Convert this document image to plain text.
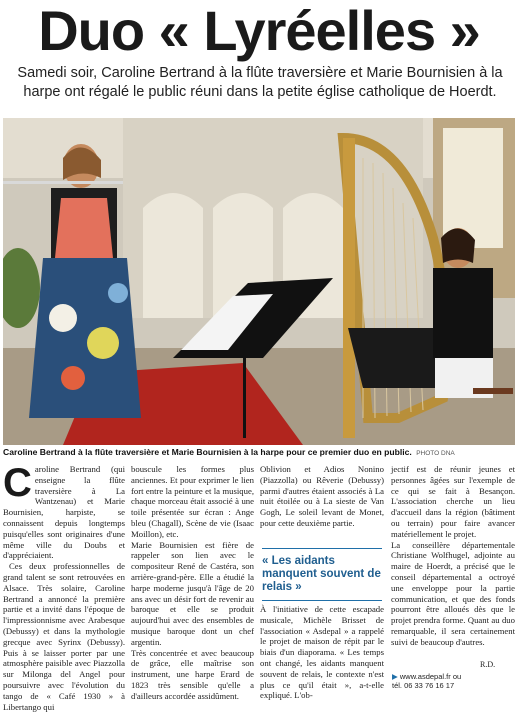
Duo « Lyréelles »
Samedi soir, Caroline Bertrand à la flûte traversière et Marie Bournisien à la harpe ont régalé le public réuni dans la petite église catholique de Hoerdt.
Caroline Bertrand à la flûte traversière et Marie Bournisien à la harpe pour ce premier duo en public. PHOTO DNA
C aroline Bertrand (qui enseigne la flûte traversière à La Wantzenau) et Marie Bournisien, harpiste, se connaissent depuis longtemps puisqu'elles sont originaires d'une même ville du Doubs et d'appréciaient.

Ces deux professionnelles de grand talent se sont retrouvées en Alsace. Très solaire, Caroline Bertrand a annoncé la première partie et a invité dans l'époque de l'impressionnisme avec Arabesque (Debussy) et dans la mythologie grecque avec Syrinx (Debussy). Puis à se laisser porter par une atmosphère paisible avec Piazzolla sur Milonga del Angel pour poursuivre avec l'évolution du tango de « Café 1930 » à Libertango qui

bouscule les formes plus anciennes. Et pour exprimer le lien fort entre la peinture et la musique, chaque morceau était associé à une toile présentée sur écran : Ange bleu (Chagall), Scène de vie (Isaac Moillon), etc.

Marie Bournisien est fière de rappeler son lien avec le compositeur René de Castéra, son arrière-grand-père. Elle a étudié la harpe moderne jusqu'à l'âge de 20 ans avec un désir fort de revenir au baroque et elle se produit aujourd'hui avec des ensembles de musique baroque dont un chef argentin.

Très concentrée et avec beaucoup de grâce, elle maîtrise son instrument, une harpe Erard de 1823 très sensible qu'elle a d'ailleurs accordée assidûment.

Oblivion et Adios Nonino (Piazzolla) ou Rêverie (Debussy) parmi d'autres étaient associés à La nuit étoilée ou à La sieste de Van Gogh, Le soleil levant de Monet, pour cette deuxième partie.

« Les aidants manquent souvent de relais »

À l'initiative de cette escapade musicale, Michèle Brisset de l'association « Asdepal » a rappelé le projet de maison de répit par le biais d'un diaporama. « Les temps ont changé, les aidants manquent souvent de relais, le contexte n'est plus ce qu'il était », a-t-elle expliqué. L'ob-

jectif est de réunir jeunes et personnes âgées sur l'exemple de ce qui se fait à Besançon. L'association cherche un lieu d'accueil dans la région (bâtiment ou terrain) pour faire avancer matériellement le projet.

La conseillère départementale Christiane Wolfhugel, adjointe au maire de Hoerdt, a précisé que le conseil départemental a octroyé une enveloppe pour la partie communication, et que des fonds pourront être alloués dès que le projet prendra forme. Quant au duo remarquable, il sera certainement suivi de beaucoup d'autres.

R.D.
▶ www.asdepal.fr ou
tél. 06 33 76 16 17
